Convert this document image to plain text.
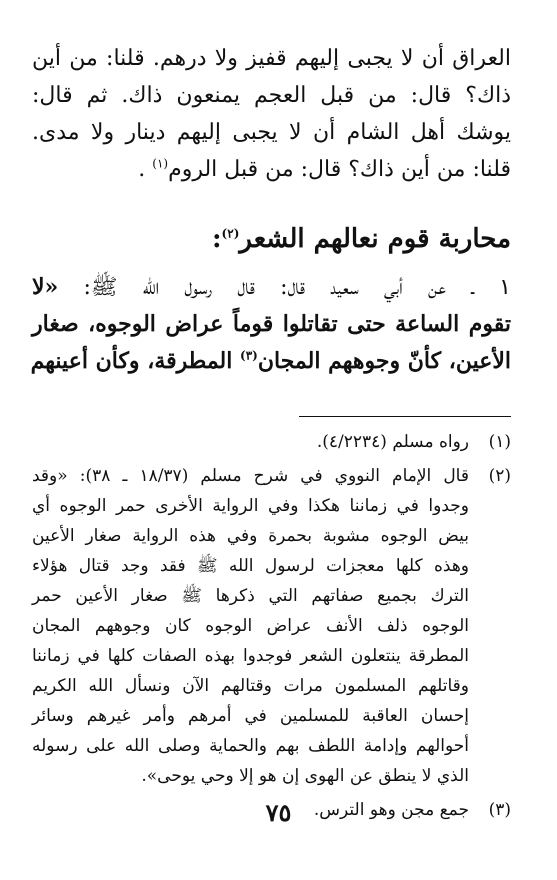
العراق أن لا يجبى إليهم قفيز ولا درهم. قلنا: من أين

ذاك؟ قال: من قبل العجم يمنعون ذاك. ثم قال:

يوشك أهل الشام أن لا يجبى إليهم دينار ولا مدى.

قلنا: من أين ذاك؟ قال: من قبل الروم$^{(١)}$ .

محاربة قوم نعالهم الشعر$^{(٢)}$:

١ ـ عن أبي سعيد قال: قال رسول الله ﷺ: «لا

تقوم الساعة حتى تقاتلوا قوماً عراض الوجوه، صغار

الأعين، كأنّ وجوههم المجان$^{(٣)}$ المطرقة، وكأن أعينهم

(١)
رواه مسلم (٤/٢٢٣٤).
(٢)
قال الإمام النووي في شرح مسلم (١٨/٣٧ ـ ٣٨): «وقد
وجدوا في زماننا هكذا وفي الرواية الأخرى حمر الوجوه أي
بيض الوجوه مشوبة بحمرة وفي هذه الرواية صغار الأعين
وهذه كلها معجزات لرسول الله ﷺ فقد وجد قتال هؤلاء
الترك بجميع صفاتهم التي ذكرها ﷺ صغار الأعين حمر
الوجوه ذلف الأنف عراض الوجوه كان وجوههم المجان
المطرقة ينتعلون الشعر فوجدوا بهذه الصفات كلها في زماننا
وقاتلهم المسلمون مرات وقتالهم الآن ونسأل الله الكريم
إحسان العاقبة للمسلمين في أمرهم وأمر غيرهم وسائر
أحوالهم وإدامة اللطف بهم والحماية وصلى الله على رسوله
الذي لا ينطق عن الهوى إن هو إلا وحي يوحى».
(٣)
جمع مجن وهو الترس.
٧٥
